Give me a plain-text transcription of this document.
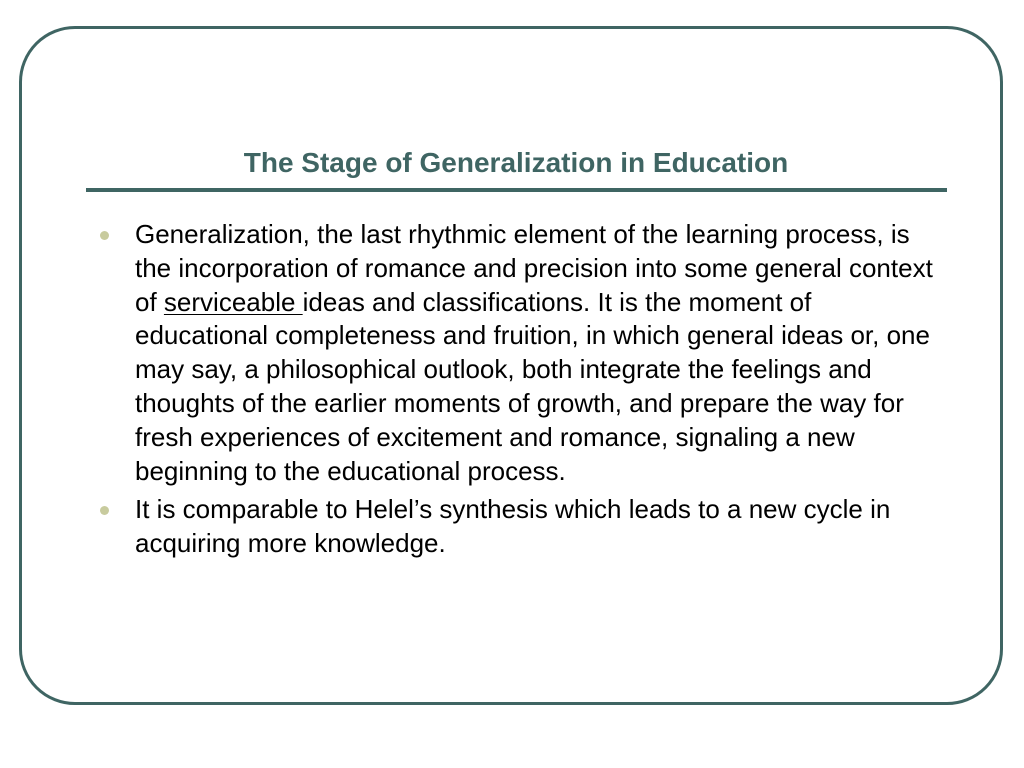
The Stage of Generalization in Education
Generalization, the last rhythmic element of the learning process, is the incorporation of romance and precision into some general context of serviceable ideas and classifications. It is the moment of educational completeness and fruition, in which general ideas or, one may say, a philosophical outlook, both integrate the feelings and thoughts of the earlier moments of growth, and prepare the way for fresh experiences of excitement and romance, signaling a new beginning to the educational process.
It is comparable to Helel’s synthesis which leads to a new cycle in acquiring more knowledge.
